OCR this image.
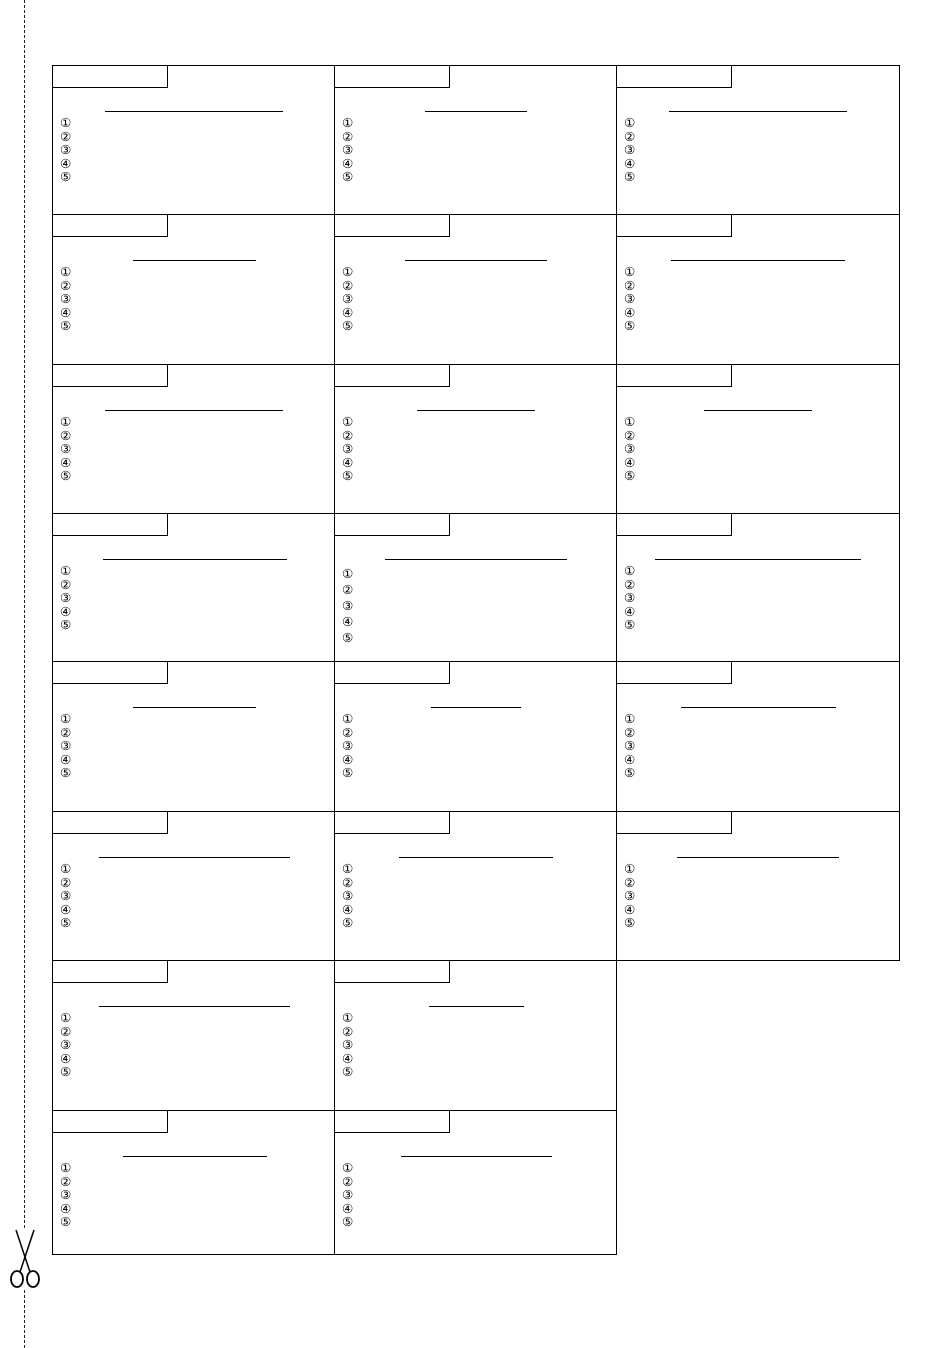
①
②
③
④
⑤
①
②
③
④
⑤
①
②
③
④
⑤
①
②
③
④
⑤
①
②
③
④
⑤
①
②
③
④
⑤
①
②
③
④
⑤
①
②
③
④
⑤
①
②
③
④
⑤
①
②
③
④
⑤
①
②
③
④
⑤
①
②
③
④
⑤
①
②
③
④
⑤
①
②
③
④
⑤
①
②
③
④
⑤
①
②
③
④
⑤
①
②
③
④
⑤
①
②
③
④
⑤
①
②
③
④
⑤
①
②
③
④
⑤
①
②
③
④
⑤
①
②
③
④
⑤
